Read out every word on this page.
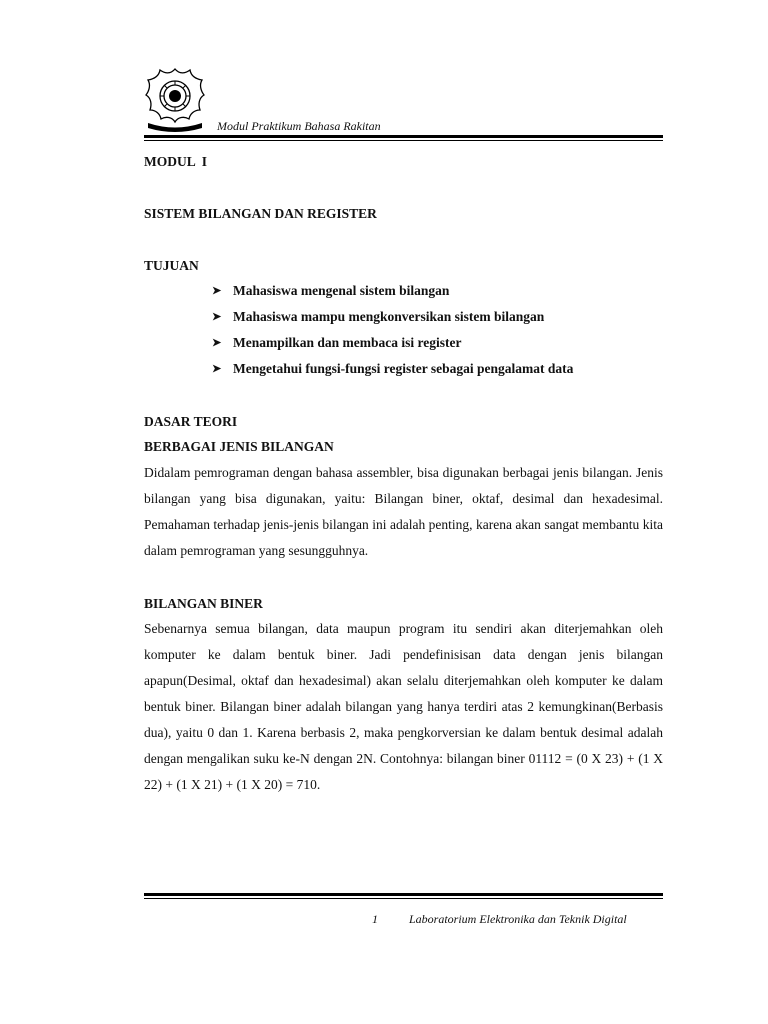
Modul Praktikum Bahasa Rakitan
MODUL  I
SISTEM BILANGAN DAN REGISTER
TUJUAN
➤ Mahasiswa mengenal sistem bilangan
➤ Mahasiswa mampu mengkonversikan sistem bilangan
➤ Menampilkan dan membaca isi register
➤ Mengetahui fungsi-fungsi register sebagai pengalamat data
DASAR TEORI
BERBAGAI JENIS BILANGAN
Didalam pemrograman dengan bahasa assembler, bisa digunakan berbagai jenis bilangan. Jenis bilangan yang bisa digunakan, yaitu: Bilangan biner, oktaf, desimal dan hexadesimal. Pemahaman terhadap jenis-jenis bilangan ini adalah penting, karena akan sangat membantu kita dalam pemrograman yang sesungguhnya.
BILANGAN BINER
Sebenarnya semua bilangan, data maupun program itu sendiri akan diterjemahkan oleh komputer ke dalam bentuk biner. Jadi pendefinisisan data dengan jenis bilangan apapun(Desimal, oktaf dan hexadesimal) akan selalu diterjemahkan oleh komputer ke dalam bentuk biner. Bilangan biner adalah bilangan yang hanya terdiri atas 2 kemungkinan(Berbasis dua), yaitu 0 dan 1. Karena berbasis 2, maka pengkorversian ke dalam bentuk desimal adalah dengan mengalikan suku ke-N dengan 2N. Contohnya: bilangan biner 01112 = (0 X 23) + (1 X 22) + (1 X 21) + (1 X 20) = 710.
1	Laboratorium Elektronika dan Teknik Digital
